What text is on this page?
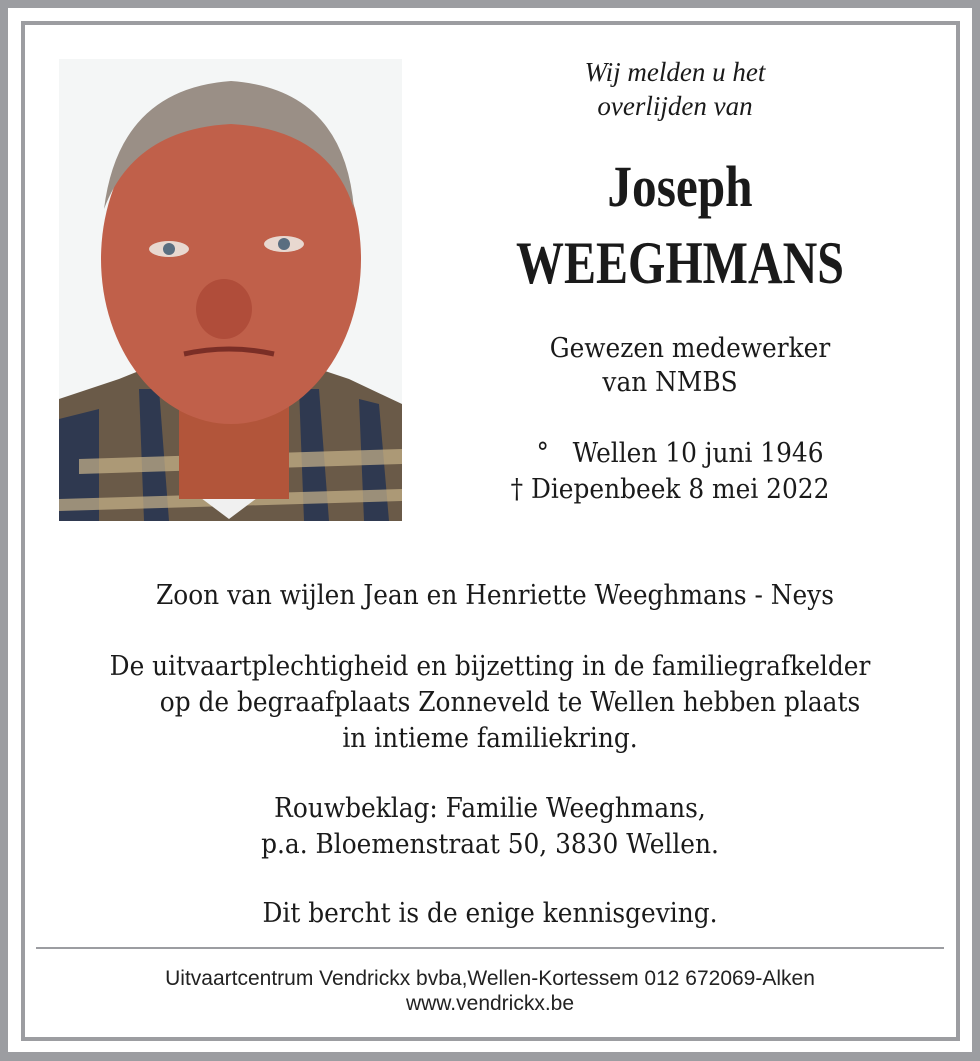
Wij melden u het
overlijden van
Joseph
WEEGHMANS
Gewezen medewerker
van NMBS
° Wellen 10 juni 1946
† Diepenbeek 8 mei 2022
Zoon van wijlen Jean en Henriette Weeghmans - Neys
De uitvaartplechtigheid en bijzetting in de familiegrafkelder
op de begraafplaats Zonneveld te Wellen hebben plaats
in intieme familiekring.
Rouwbeklag: Familie Weeghmans,
p.a. Bloemenstraat 50, 3830 Wellen.
Dit bercht is de enige kennisgeving.
Uitvaartcentrum Vendrickx bvba,Wellen-Kortessem 012 672069-Alken
www.vendrickx.be
